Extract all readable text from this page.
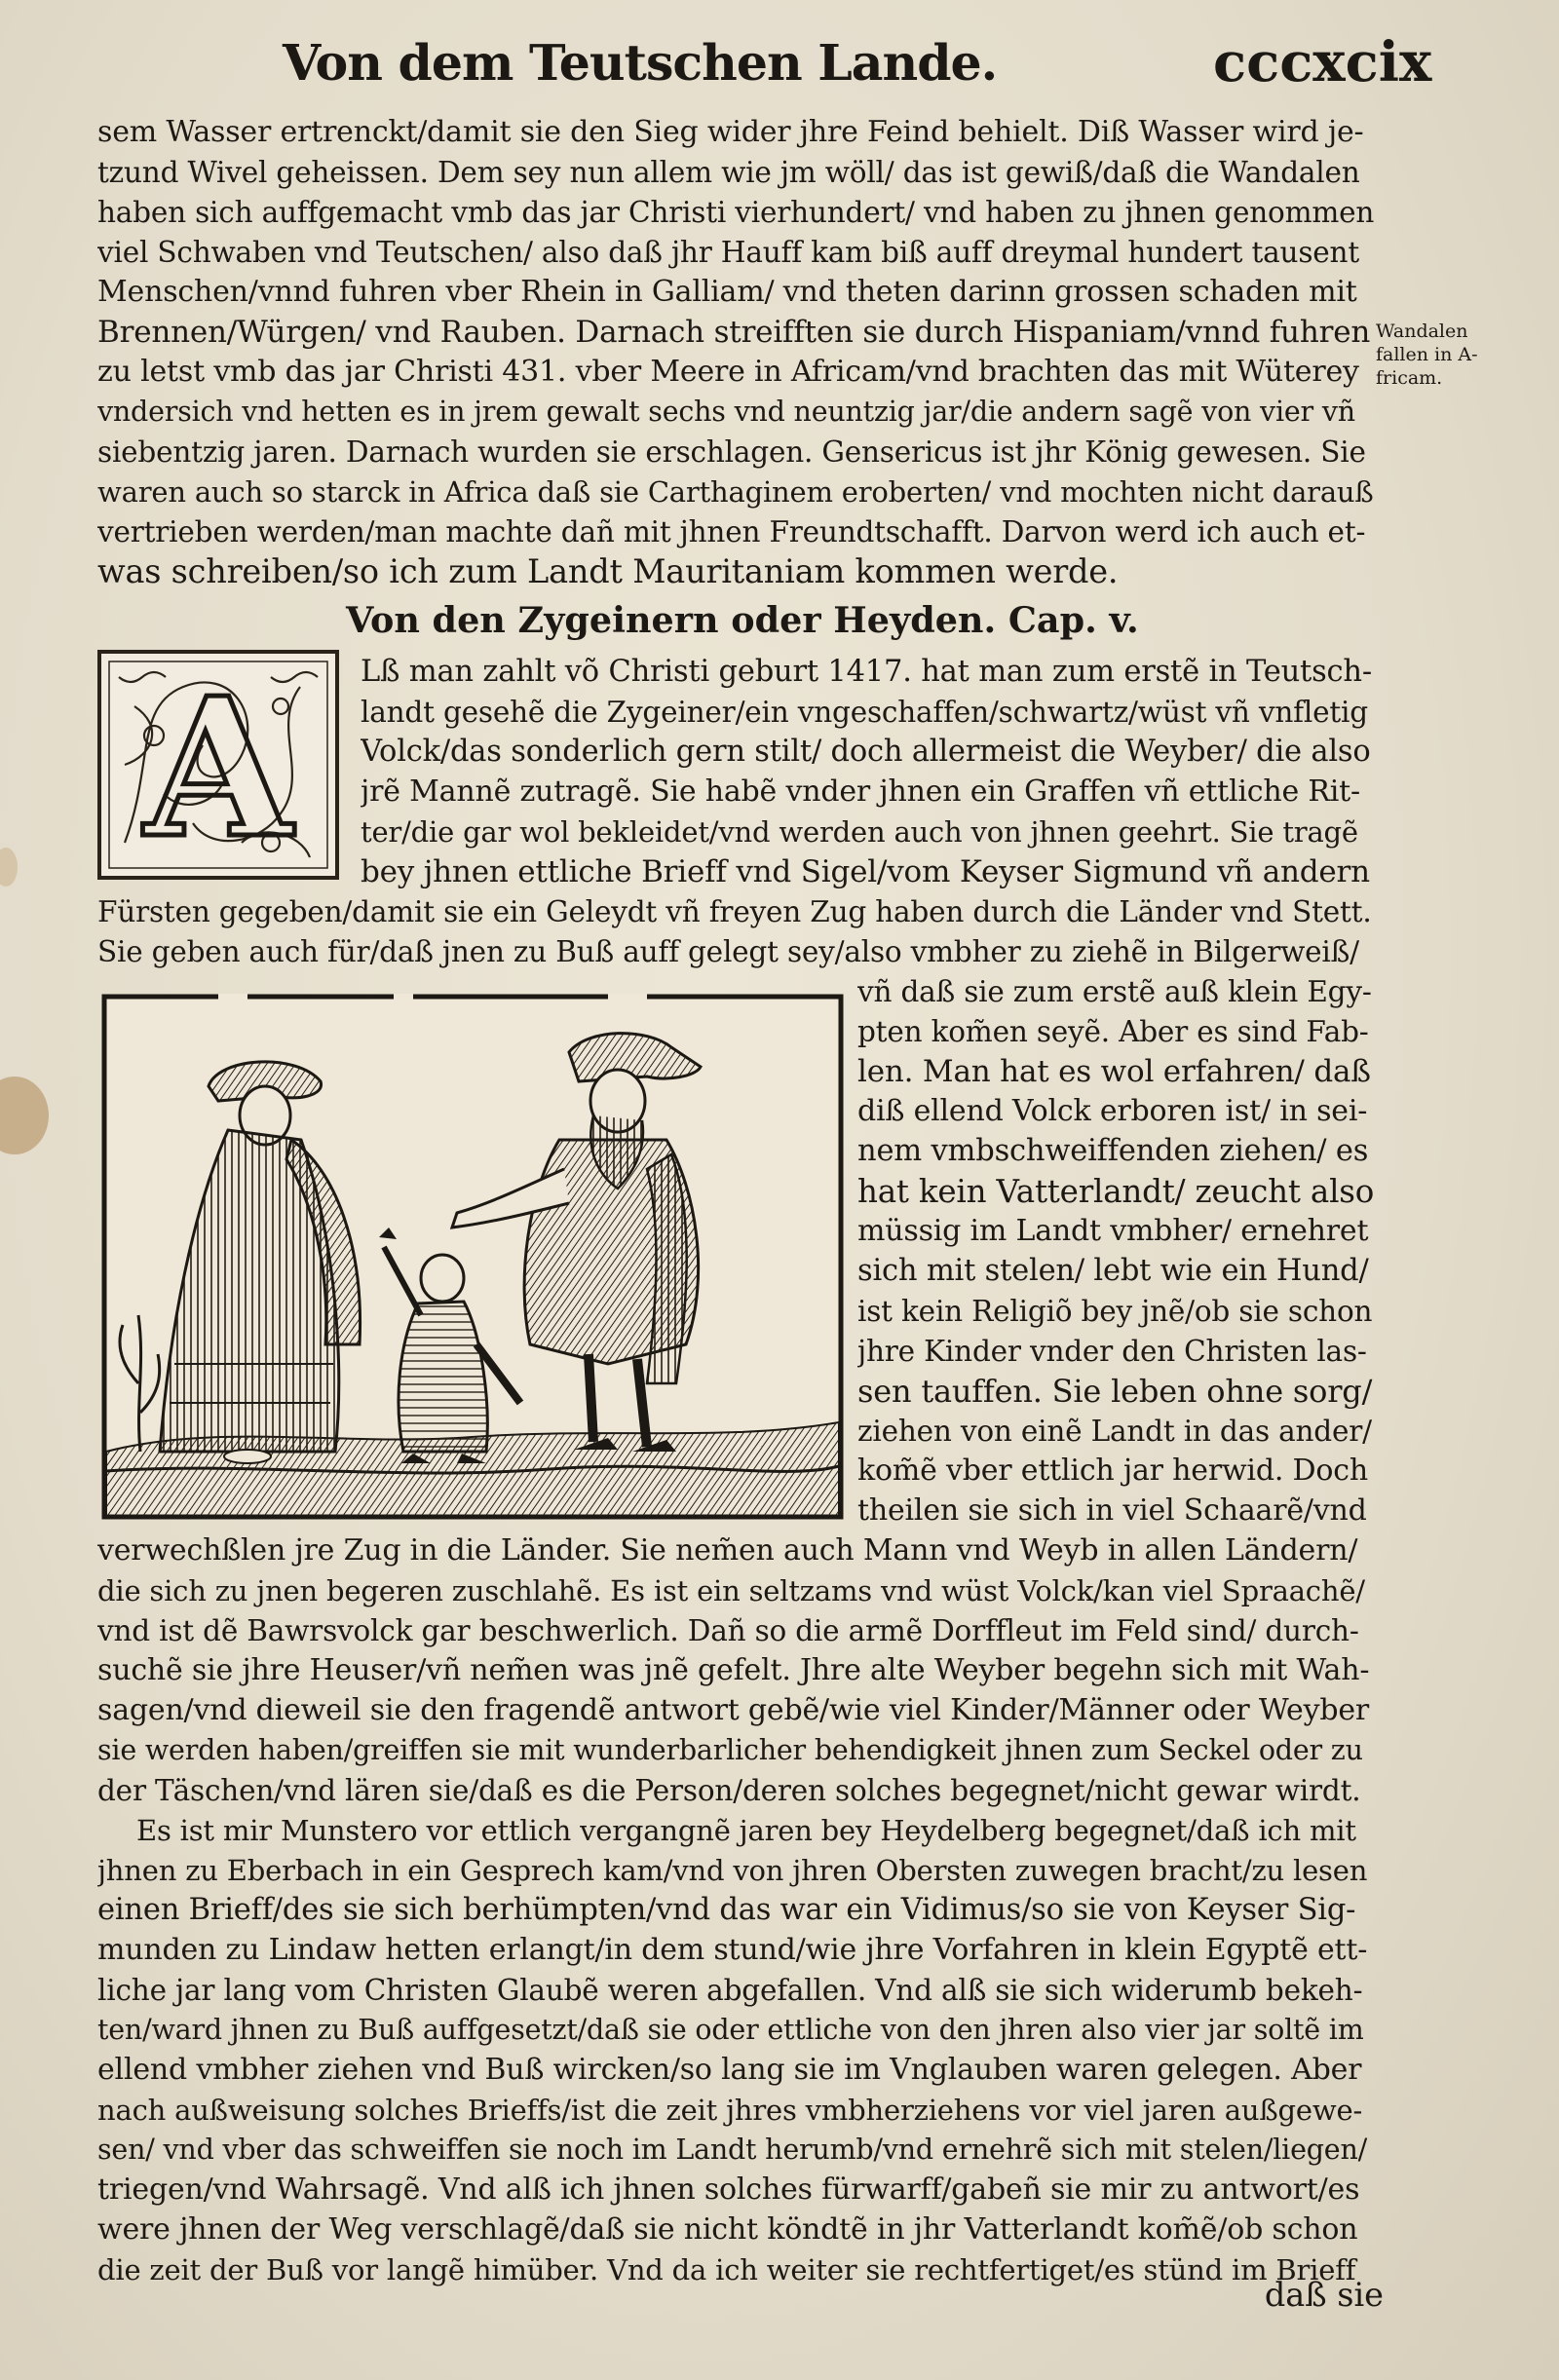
Von dem Teutschen Lande.	cccxcix
Wandalen
fallen in A-
fricam.
sem Wasser ertrenckt/damit sie den Sieg wider jhre Feind behielt. Diß Wasser wird je-
tzund Wivel geheissen. Dem sey nun allem wie jm wöll/ das ist gewiß/daß die Wandalen
haben sich auffgemacht vmb das jar Christi vierhundert/ vnd haben zu jhnen genommen
viel Schwaben vnd Teutschen/ also daß jhr Hauff kam biß auff dreymal hundert tausent
Menschen/vnnd fuhren vber Rhein in Galliam/ vnd theten darinn grossen schaden mit
Brennen/Würgen/ vnd Rauben. Darnach streifften sie durch Hispaniam/vnnd fuhren
zu letst vmb das jar Christi 431. vber Meere in Africam/vnd brachten das mit Wüterey
vndersich vnd hetten es in jrem gewalt sechs vnd neuntzig jar/die andern sagẽ von vier vñ
siebentzig jaren. Darnach wurden sie erschlagen. Gensericus ist jhr König gewesen. Sie
waren auch so starck in Africa daß sie Carthaginem eroberten/ vnd mochten nicht darauß
vertrieben werden/man machte dañ mit jhnen Freundtschafft. Darvon werd ich auch et-
was schreiben/so ich zum Landt Mauritaniam kommen werde.
Von den Zygeinern oder Heyden. Cap. v.
A Lß man zahlt võ Christi geburt 1417. hat man zum erstẽ in Teutsch-
landt gesehẽ die Zygeiner/ein vngeschaffen/schwartz/wüst vñ vnfletig
Volck/das sonderlich gern stilt/ doch allermeist die Weyber/ die also
jrẽ Mannẽ zutragẽ. Sie habẽ vnder jhnen ein Graffen vñ ettliche Rit-
ter/die gar wol bekleidet/vnd werden auch von jhnen geehrt. Sie tragẽ
bey jhnen ettliche Brieff vnd Sigel/vom Keyser Sigmund vñ andern
Fürsten gegeben/damit sie ein Geleydt vñ freyen Zug haben durch die Länder vnd Stett.
Sie geben auch für/daß jnen zu Buß auff gelegt sey/also vmbher zu ziehẽ in Bilgerweiß/
vñ daß sie zum erstẽ auß klein Egy-
pten kom̃en seyẽ. Aber es sind Fab-
len. Man hat es wol erfahren/ daß
diß ellend Volck erboren ist/ in sei-
nem vmbschweiffenden ziehen/ es
hat kein Vatterlandt/ zeucht also
müssig im Landt vmbher/ ernehret
sich mit stelen/ lebt wie ein Hund/
ist kein Religiõ bey jnẽ/ob sie schon
jhre Kinder vnder den Christen las-
sen tauffen. Sie leben ohne sorg/
ziehen von einẽ Landt in das ander/
kom̃ẽ vber ettlich jar herwid. Doch
theilen sie sich in viel Schaarẽ/vnd
verwechßlen jre Zug in die Länder. Sie nem̃en auch Mann vnd Weyb in allen Ländern/
die sich zu jnen begeren zuschlahẽ. Es ist ein seltzams vnd wüst Volck/kan viel Spraachẽ/
vnd ist dẽ Bawrsvolck gar beschwerlich. Dañ so die armẽ Dorffleut im Feld sind/ durch-
suchẽ sie jhre Heuser/vñ nem̃en was jnẽ gefelt. Jhre alte Weyber begehn sich mit Wah-
sagen/vnd dieweil sie den fragendẽ antwort gebẽ/wie viel Kinder/Männer oder Weyber
sie werden haben/greiffen sie mit wunderbarlicher behendigkeit jhnen zum Seckel oder zu
der Täschen/vnd lären sie/daß es die Person/deren solches begegnet/nicht gewar wirdt.
Es ist mir Munstero vor ettlich vergangnẽ jaren bey Heydelberg begegnet/daß ich mit
jhnen zu Eberbach in ein Gesprech kam/vnd von jhren Obersten zuwegen bracht/zu lesen
einen Brieff/des sie sich berhümpten/vnd das war ein Vidimus/so sie von Keyser Sig-
munden zu Lindaw hetten erlangt/in dem stund/wie jhre Vorfahren in klein Egyptẽ ett-
liche jar lang vom Christen Glaubẽ weren abgefallen. Vnd alß sie sich widerumb bekeh-
ten/ward jhnen zu Buß auffgesetzt/daß sie oder ettliche von den jhren also vier jar soltẽ im
ellend vmbher ziehen vnd Buß wircken/so lang sie im Vnglauben waren gelegen. Aber
nach außweisung solches Brieffs/ist die zeit jhres vmbherziehens vor viel jaren außgewe-
sen/ vnd vber das schweiffen sie noch im Landt herumb/vnd ernehrẽ sich mit stelen/liegen/
triegen/vnd Wahrsagẽ. Vnd alß ich jhnen solches fürwarff/gabeñ sie mir zu antwort/es
were jhnen der Weg verschlagẽ/daß sie nicht köndtẽ in jhr Vatterlandt kom̃ẽ/ob schon
die zeit der Buß vor langẽ himüber. Vnd da ich weiter sie rechtfertiget/es stünd im Brieff
daß sie
